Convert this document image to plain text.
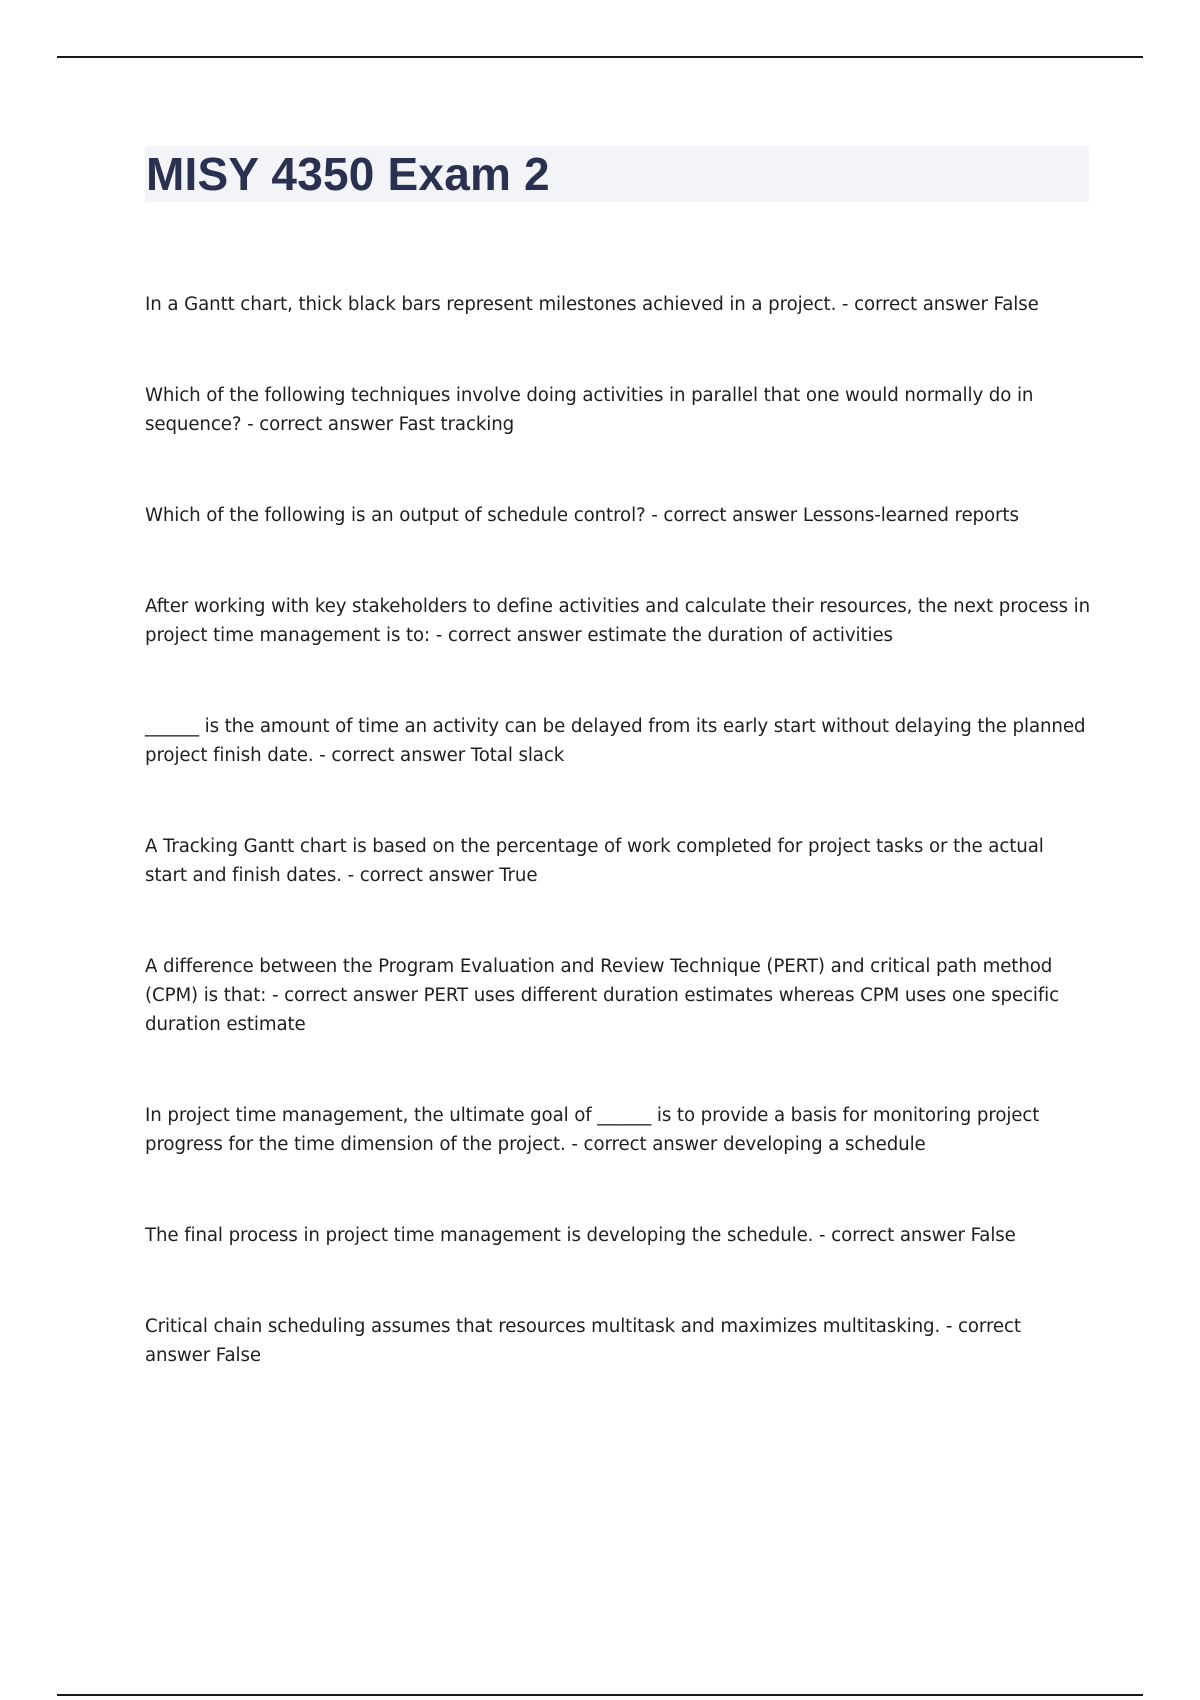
MISY 4350 Exam 2
In a Gantt chart, thick black bars represent milestones achieved in a project. - correct answer False
Which of the following techniques involve doing activities in parallel that one would normally do in sequence? - correct answer Fast tracking
Which of the following is an output of schedule control? - correct answer Lessons-learned reports
After working with key stakeholders to define activities and calculate their resources, the next process in project time management is to: - correct answer estimate the duration of activities
______ is the amount of time an activity can be delayed from its early start without delaying the planned project finish date. - correct answer Total slack
A Tracking Gantt chart is based on the percentage of work completed for project tasks or the actual start and finish dates. - correct answer True
A difference between the Program Evaluation and Review Technique (PERT) and critical path method (CPM) is that: - correct answer PERT uses different duration estimates whereas CPM uses one specific duration estimate
In project time management, the ultimate goal of ______ is to provide a basis for monitoring project progress for the time dimension of the project. - correct answer developing a schedule
The final process in project time management is developing the schedule. - correct answer False
Critical chain scheduling assumes that resources multitask and maximizes multitasking. - correct answer False
